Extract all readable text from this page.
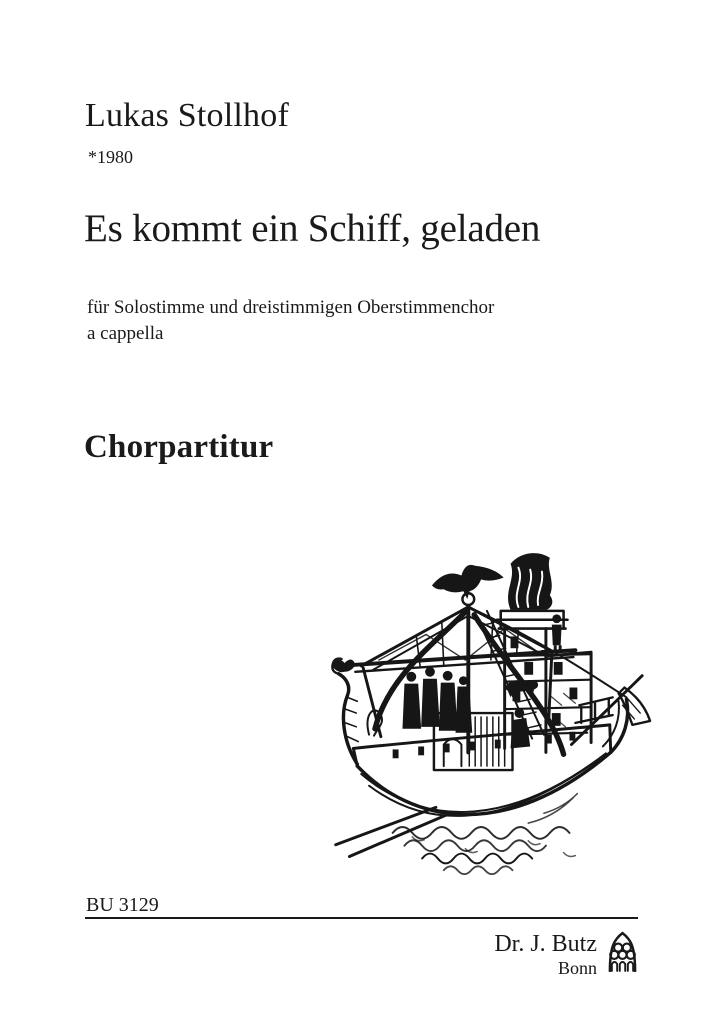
Lukas Stollhof
*1980
Es kommt ein Schiff, geladen
für Solostimme und dreistimmigen Oberstimmenchor
a cappella
Chorpartitur
BU 3129
Dr. J. Butz
Bonn
